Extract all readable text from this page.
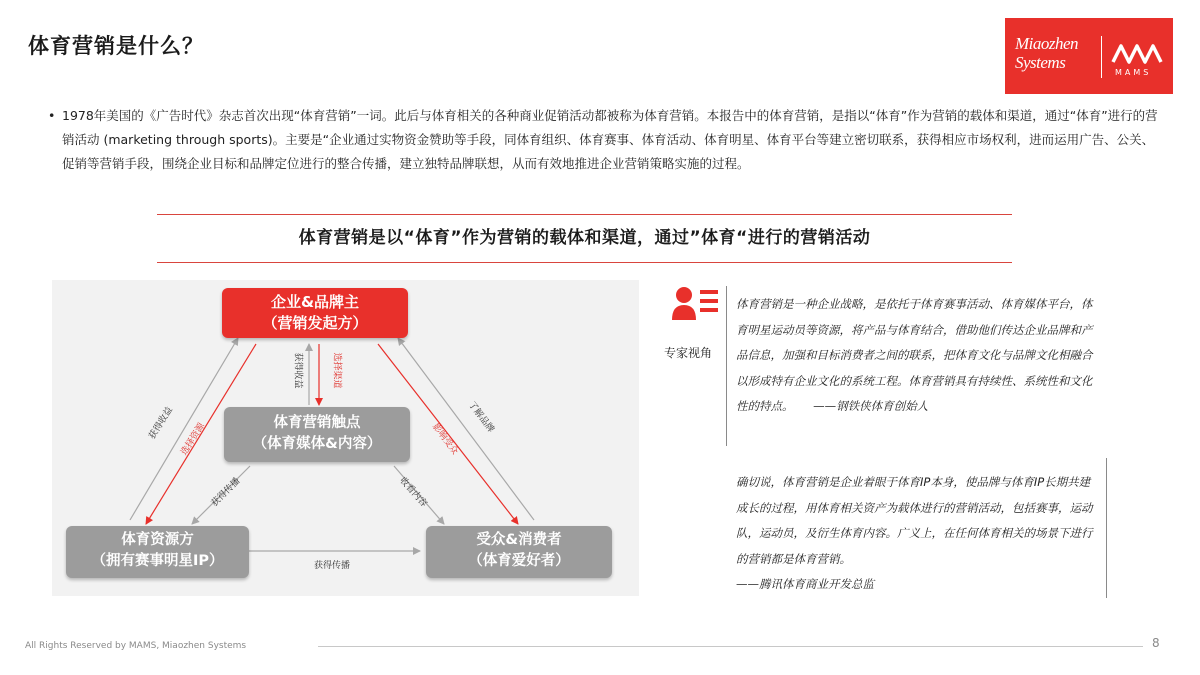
体育营销是什么？	Miaozhen
Systems
MAMS
• 1978年美国的《广告时代》杂志首次出现“体育营销”一词。此后与体育相关的各种商业促销活动都被称为体育营销。本报告中的体育营销，是指以“体育”作为营销的载体和渠道，通过“体育”进行的营销活动 (marketing through sports)。主要是“企业通过实物资金赞助等手段，同体育组织、体育赛事、体育活动、体育明星、体育平台等建立密切联系，获得相应市场权利，进而运用广告、公关、促销等营销手段，围绕企业目标和品牌定位进行的整合传播，建立独特品牌联想，从而有效地推进企业营销策略实施的过程。
体育营销是以“体育”作为营销的载体和渠道，通过”体育“进行的营销活动
企业&品牌主
（营销发起方）
体育营销触点
（体育媒体&内容）
体育资源方
（拥有赛事明星IP）
受众&消费者
（体育爱好者）
获得收益 选择资源
获得收益	选择渠道
影响受众
了解品牌
获得传播	收看内容
获得传播
专家视角
体育营销是一种企业战略，是依托于体育赛事活动、体育媒体平台，体育明星运动员等资源，将产品与体育结合，借助他们传达企业品牌和产品信息，加强和目标消费者之间的联系，把体育文化与品牌文化相融合以形成特有企业文化的系统工程。体育营销具有持续性、系统性和文化性的特点。 ——钢铁侠体育创始人
确切说，体育营销是企业着眼于体育IP本身，使品牌与体育IP长期共建成长的过程，用体育相关资产为载体进行的营销活动，包括赛事，运动队，运动员，及衍生体育内容。广义上，在任何体育相关的场景下进行的营销都是体育营销。
——腾讯体育商业开发总监
All Rights Reserved by MAMS, Miaozhen Systems	8
